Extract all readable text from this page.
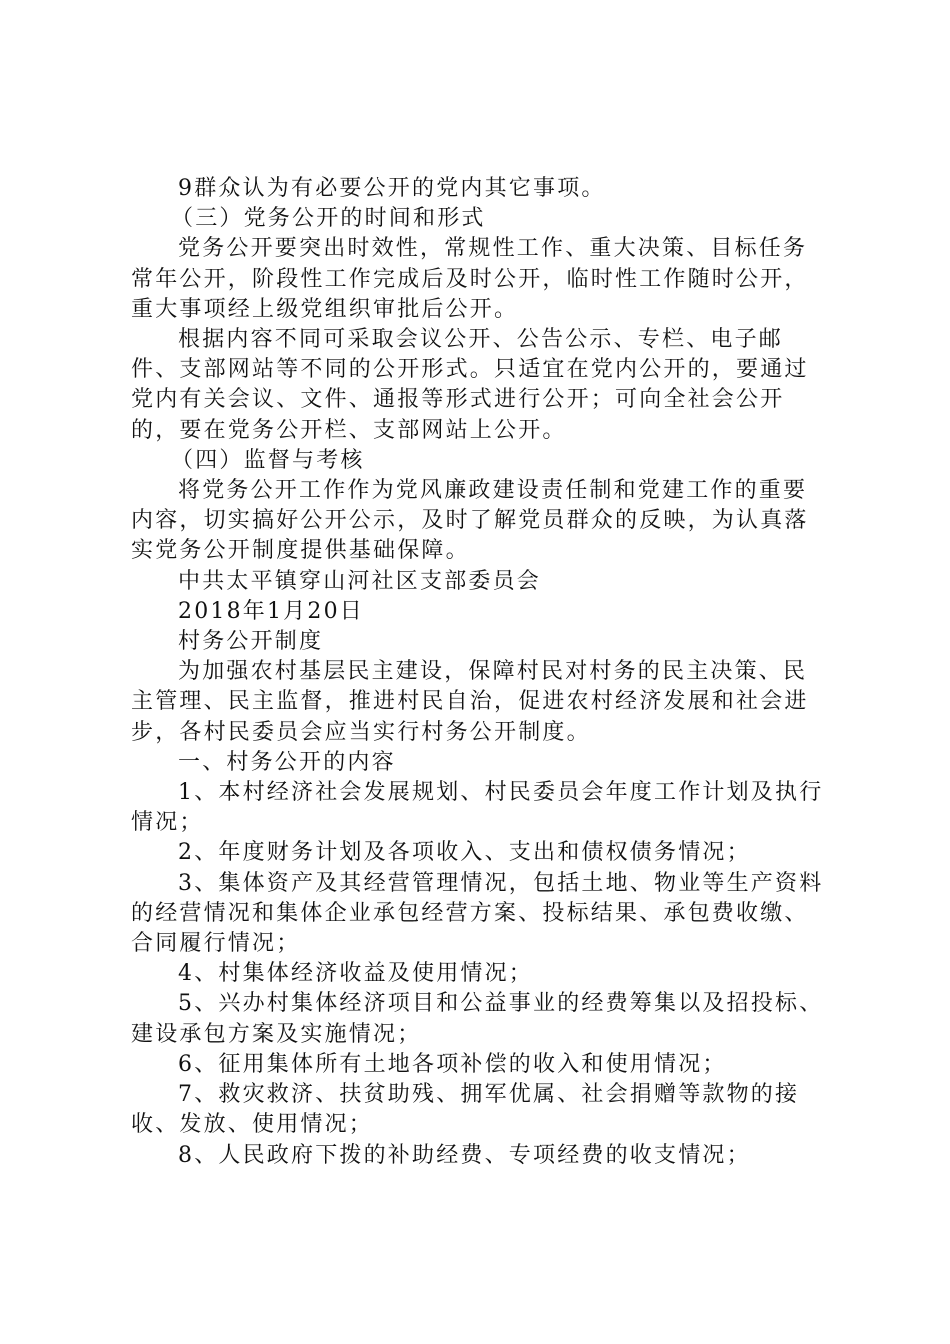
9群众认为有必要公开的党内其它事项。

（三）党务公开的时间和形式

党务公开要突出时效性，常规性工作、重大决策、目标任务常年公开，阶段性工作完成后及时公开，临时性工作随时公开，重大事项经上级党组织审批后公开。

根据内容不同可采取会议公开、公告公示、专栏、电子邮件、支部网站等不同的公开形式。只适宜在党内公开的，要通过党内有关会议、文件、通报等形式进行公开；可向全社会公开的，要在党务公开栏、支部网站上公开。

（四）监督与考核

将党务公开工作作为党风廉政建设责任制和党建工作的重要内容，切实搞好公开公示，及时了解党员群众的反映，为认真落实党务公开制度提供基础保障。

中共太平镇穿山河社区支部委员会

2018年1月20日

村务公开制度

为加强农村基层民主建设，保障村民对村务的民主决策、民主管理、民主监督，推进村民自治，促进农村经济发展和社会进步，各村民委员会应当实行村务公开制度。

一、村务公开的内容

1、本村经济社会发展规划、村民委员会年度工作计划及执行情况；

2、年度财务计划及各项收入、支出和债权债务情况；

3、集体资产及其经营管理情况，包括土地、物业等生产资料的经营情况和集体企业承包经营方案、投标结果、承包费收缴、合同履行情况；

4、村集体经济收益及使用情况；

5、兴办村集体经济项目和公益事业的经费筹集以及招投标、建设承包方案及实施情况；

6、征用集体所有土地各项补偿的收入和使用情况；

7、救灾救济、扶贫助残、拥军优属、社会捐赠等款物的接收、发放、使用情况；

8、人民政府下拨的补助经费、专项经费的收支情况；
